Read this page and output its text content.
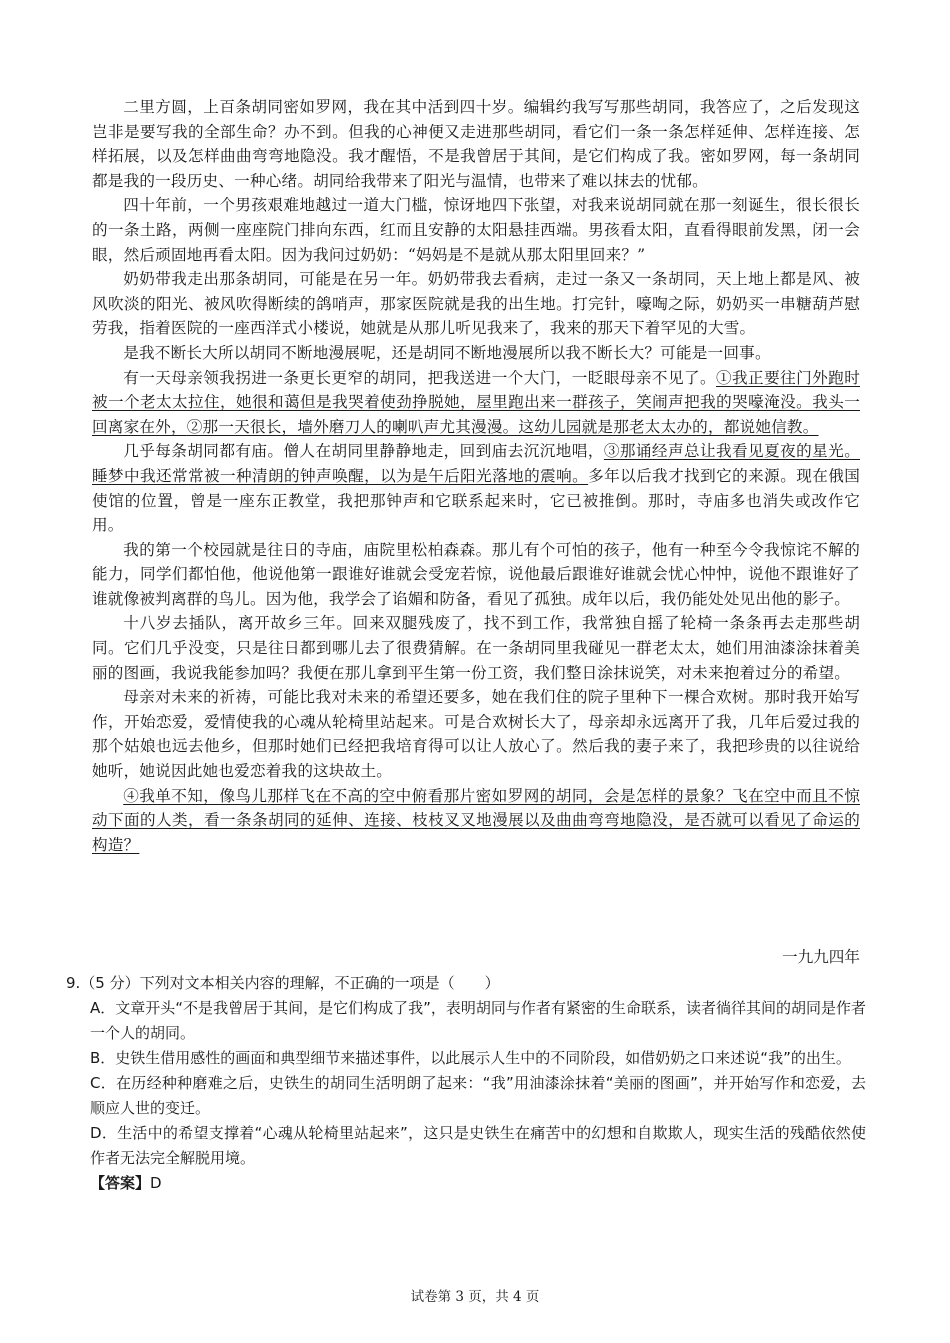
二里方圆，上百条胡同密如罗网，我在其中活到四十岁。编辑约我写写那些胡同，我答应了，之后发现这岂非是要写我的全部生命？办不到。但我的心神便又走进那些胡同，看它们一条一条怎样延伸、怎样连接、怎样拓展，以及怎样曲曲弯弯地隐没。我才醒悟，不是我曾居于其间，是它们构成了我。密如罗网，每一条胡同都是我的一段历史、一种心绪。胡同给我带来了阳光与温情，也带来了难以抹去的忧郁。

四十年前，一个男孩艰难地越过一道大门槛，惊讶地四下张望，对我来说胡同就在那一刻诞生，很长很长的一条土路，两侧一座座院门排向东西，红而且安静的太阳悬挂西端。男孩看太阳，直看得眼前发黑，闭一会眼，然后顽固地再看太阳。因为我问过奶奶：“妈妈是不是就从那太阳里回来？”

奶奶带我走出那条胡同，可能是在另一年。奶奶带我去看病，走过一条又一条胡同，天上地上都是风、被风吹淡的阳光、被风吹得断续的鸽哨声，那家医院就是我的出生地。打完针，嚎啕之际，奶奶买一串糖葫芦慰劳我，指着医院的一座西洋式小楼说，她就是从那儿听见我来了，我来的那天下着罕见的大雪。

是我不断长大所以胡同不断地漫展呢，还是胡同不断地漫展所以我不断长大？可能是一回事。

有一天母亲领我拐进一条更长更窄的胡同，把我送进一个大门，一眨眼母亲不见了。①我正要往门外跑时被一个老太太拉住，她很和蔼但是我哭着使劲挣脱她，屋里跑出来一群孩子，笑闹声把我的哭嚎淹没。我头一回离家在外，②那一天很长，墙外磨刀人的喇叭声尤其漫漫。这幼儿园就是那老太太办的，都说她信教。

几乎每条胡同都有庙。僧人在胡同里静静地走，回到庙去沉沉地唱，③那诵经声总让我看见夏夜的星光。睡梦中我还常常被一种清朗的钟声唤醒，以为是午后阳光落地的震响。多年以后我才找到它的来源。现在俄国使馆的位置，曾是一座东正教堂，我把那钟声和它联系起来时，它已被推倒。那时，寺庙多也消失或改作它用。

我的第一个校园就是往日的寺庙，庙院里松柏森森。那儿有个可怕的孩子，他有一种至今令我惊诧不解的能力，同学们都怕他，他说他第一跟谁好谁就会受宠若惊，说他最后跟谁好谁就会忧心忡忡，说他不跟谁好了谁就像被判离群的鸟儿。因为他，我学会了谄媚和防备，看见了孤独。成年以后，我仍能处处见出他的影子。

十八岁去插队，离开故乡三年。回来双腿残废了，找不到工作，我常独自摇了轮椅一条条再去走那些胡同。它们几乎没变，只是往日都到哪儿去了很费猜解。在一条胡同里我碰见一群老太太，她们用油漆涂抹着美丽的图画，我说我能参加吗？我便在那儿拿到平生第一份工资，我们整日涂抹说笑，对未来抱着过分的希望。

母亲对未来的祈祷，可能比我对未来的希望还要多，她在我们住的院子里种下一棵合欢树。那时我开始写作，开始恋爱，爱情使我的心魂从轮椅里站起来。可是合欢树长大了，母亲却永远离开了我，几年后爱过我的那个姑娘也远去他乡，但那时她们已经把我培育得可以让人放心了。然后我的妻子来了，我把珍贵的以往说给她听，她说因此她也爱恋着我的这块故土。

④我单不知，像鸟儿那样飞在不高的空中俯看那片密如罗网的胡同，会是怎样的景象？飞在空中而且不惊动下面的人类，看一条条胡同的延伸、连接、枝枝叉叉地漫展以及曲曲弯弯地隐没，是否就可以看见了命运的构造？

一九九四年

9.（5 分）下列对文本相关内容的理解，不正确的一项是（　　）

A．文章开头“不是我曾居于其间，是它们构成了我”，表明胡同与作者有紧密的生命联系，读者徜徉其间的胡同是作者一个人的胡同。

B．史铁生借用感性的画面和典型细节来描述事件，以此展示人生中的不同阶段，如借奶奶之口来述说“我”的出生。

C．在历经种种磨难之后，史铁生的胡同生活明朗了起来：“我”用油漆涂抹着“美丽的图画”，并开始写作和恋爱，去顺应人世的变迁。

D．生活中的希望支撑着“心魂从轮椅里站起来”，这只是史铁生在痛苦中的幻想和自欺欺人，现实生活的残酷依然使作者无法完全解脱用境。

【答案】D

试卷第 3 页，共 4 页
